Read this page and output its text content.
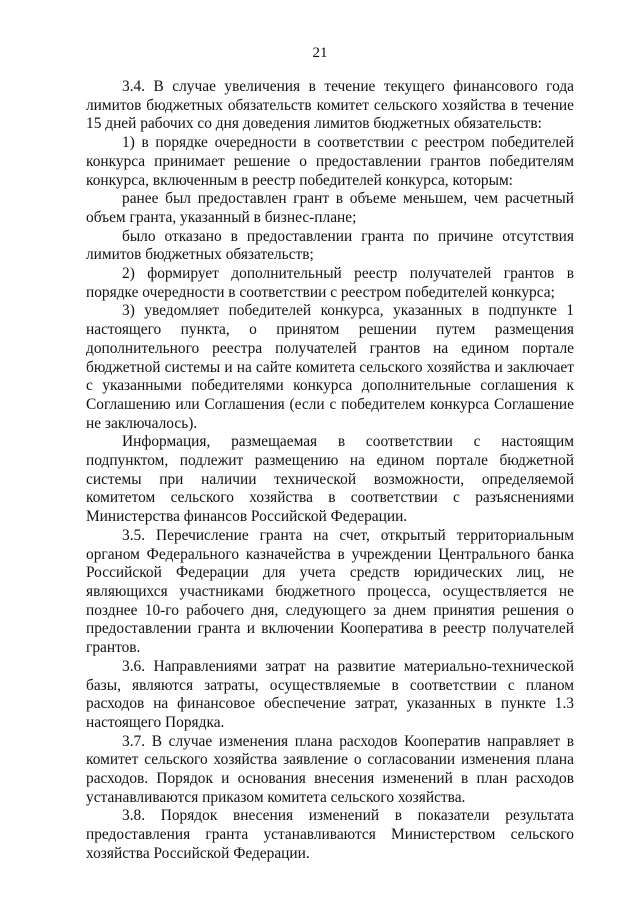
21

3.4. В случае увеличения в течение текущего финансового года лимитов бюджетных обязательств комитет сельского хозяйства в течение 15 дней рабочих со дня доведения лимитов бюджетных обязательств:

1) в порядке очередности в соответствии с реестром победителей конкурса принимает решение о предоставлении грантов победителям конкурса, включенным в реестр победителей конкурса, которым:

ранее был предоставлен грант в объеме меньшем, чем расчетный объем гранта, указанный в бизнес-плане;

было отказано в предоставлении гранта по причине отсутствия лимитов бюджетных обязательств;

2) формирует дополнительный реестр получателей грантов в порядке очередности в соответствии с реестром победителей конкурса;

3) уведомляет победителей конкурса, указанных в подпункте 1 настоящего пункта, о принятом решении путем размещения дополнительного реестра получателей грантов на едином портале бюджетной системы и на сайте комитета сельского хозяйства и заключает с указанными победителями конкурса дополнительные соглашения к Соглашению или Соглашения (если с победителем конкурса Соглашение не заключалось).

Информация, размещаемая в соответствии с настоящим подпунктом, подлежит размещению на едином портале бюджетной системы при наличии технической возможности, определяемой комитетом сельского хозяйства в соответствии с разъяснениями Министерства финансов Российской Федерации.

3.5. Перечисление гранта на счет, открытый территориальным органом Федерального казначейства в учреждении Центрального банка Российской Федерации для учета средств юридических лиц, не являющихся участниками бюджетного процесса, осуществляется не позднее 10-го рабочего дня, следующего за днем принятия решения о предоставлении гранта и включении Кооператива в реестр получателей грантов.

3.6. Направлениями затрат на развитие материально-технической базы, являются затраты, осуществляемые в соответствии с планом расходов на финансовое обеспечение затрат, указанных в пункте 1.3 настоящего Порядка.

3.7. В случае изменения плана расходов Кооператив направляет в комитет сельского хозяйства заявление о согласовании изменения плана расходов. Порядок и основания внесения изменений в план расходов устанавливаются приказом комитета сельского хозяйства.

3.8. Порядок внесения изменений в показатели результата предоставления гранта устанавливаются Министерством сельского хозяйства Российской Федерации.
